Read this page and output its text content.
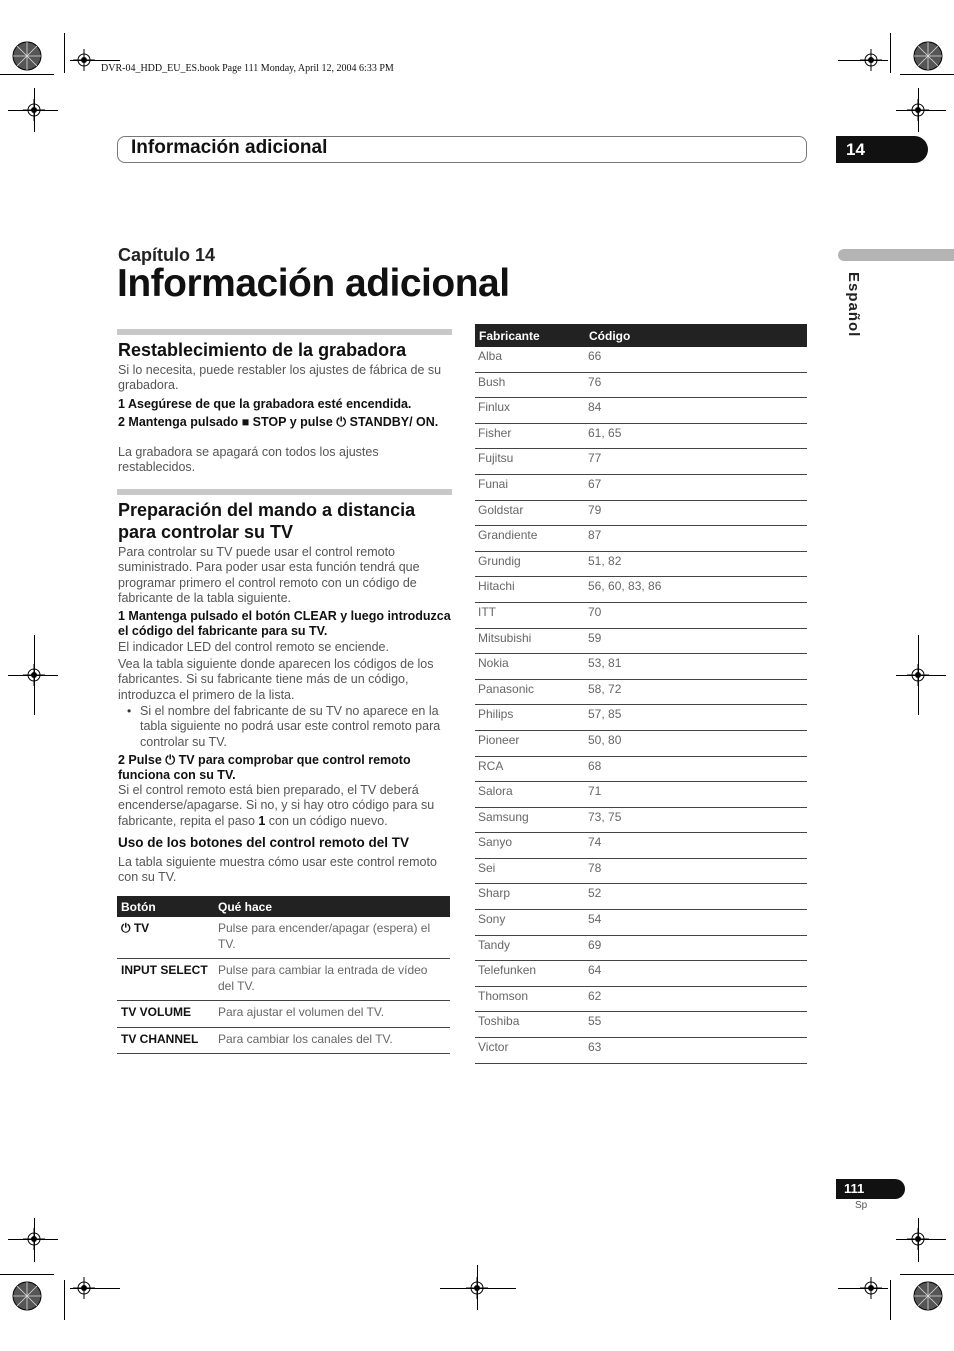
DVR-04_HDD_EU_ES.book Page 111 Monday, April 12, 2004 6:33 PM
Información adicional	14
Español
Capítulo 14
Información adicional
Restablecimiento de la grabadora
Si lo necesita, puede restabler los ajustes de fábrica de su grabadora.
1 Asegúrese de que la grabadora esté encendida.
2 Mantenga pulsado ■ STOP y pulse ⏻ STANDBY/ ON.
La grabadora se apagará con todos los ajustes restablecidos.
Preparación del mando a distancia para controlar su TV
Para controlar su TV puede usar el control remoto suministrado. Para poder usar esta función tendrá que programar primero el control remoto con un código de fabricante de la tabla siguiente.
1 Mantenga pulsado el botón CLEAR y luego introduzca el código del fabricante para su TV.
El indicador LED del control remoto se enciende.
Vea la tabla siguiente donde aparecen los códigos de los fabricantes. Si su fabricante tiene más de un código, introduzca el primero de la lista.
• Si el nombre del fabricante de su TV no aparece en la tabla siguiente no podrá usar este control remoto para controlar su TV.
2 Pulse ⏻ TV para comprobar que control remoto funciona con su TV.
Si el control remoto está bien preparado, el TV deberá encenderse/apagarse. Si no, y si hay otro código para su fabricante, repita el paso 1 con un código nuevo.
Uso de los botones del control remoto del TV
La tabla siguiente muestra cómo usar este control remoto con su TV.
Botón	Qué hace
⏻ TV	Pulse para encender/apagar (espera) el TV.
INPUT SELECT	Pulse para cambiar la entrada de vídeo del TV.
TV VOLUME	Para ajustar el volumen del TV.
TV CHANNEL	Para cambiar los canales del TV.
Fabricante	Código
Alba	66
Bush	76
Finlux	84
Fisher	61, 65
Fujitsu	77
Funai	67
Goldstar	79
Grandiente	87
Grundig	51, 82
Hitachi	56, 60, 83, 86
ITT	70
Mitsubishi	59
Nokia	53, 81
Panasonic	58, 72
Philips	57, 85
Pioneer	50, 80
RCA	68
Salora	71
Samsung	73, 75
Sanyo	74
Sei	78
Sharp	52
Sony	54
Tandy	69
Telefunken	64
Thomson	62
Toshiba	55
Victor	63
111
Sp
